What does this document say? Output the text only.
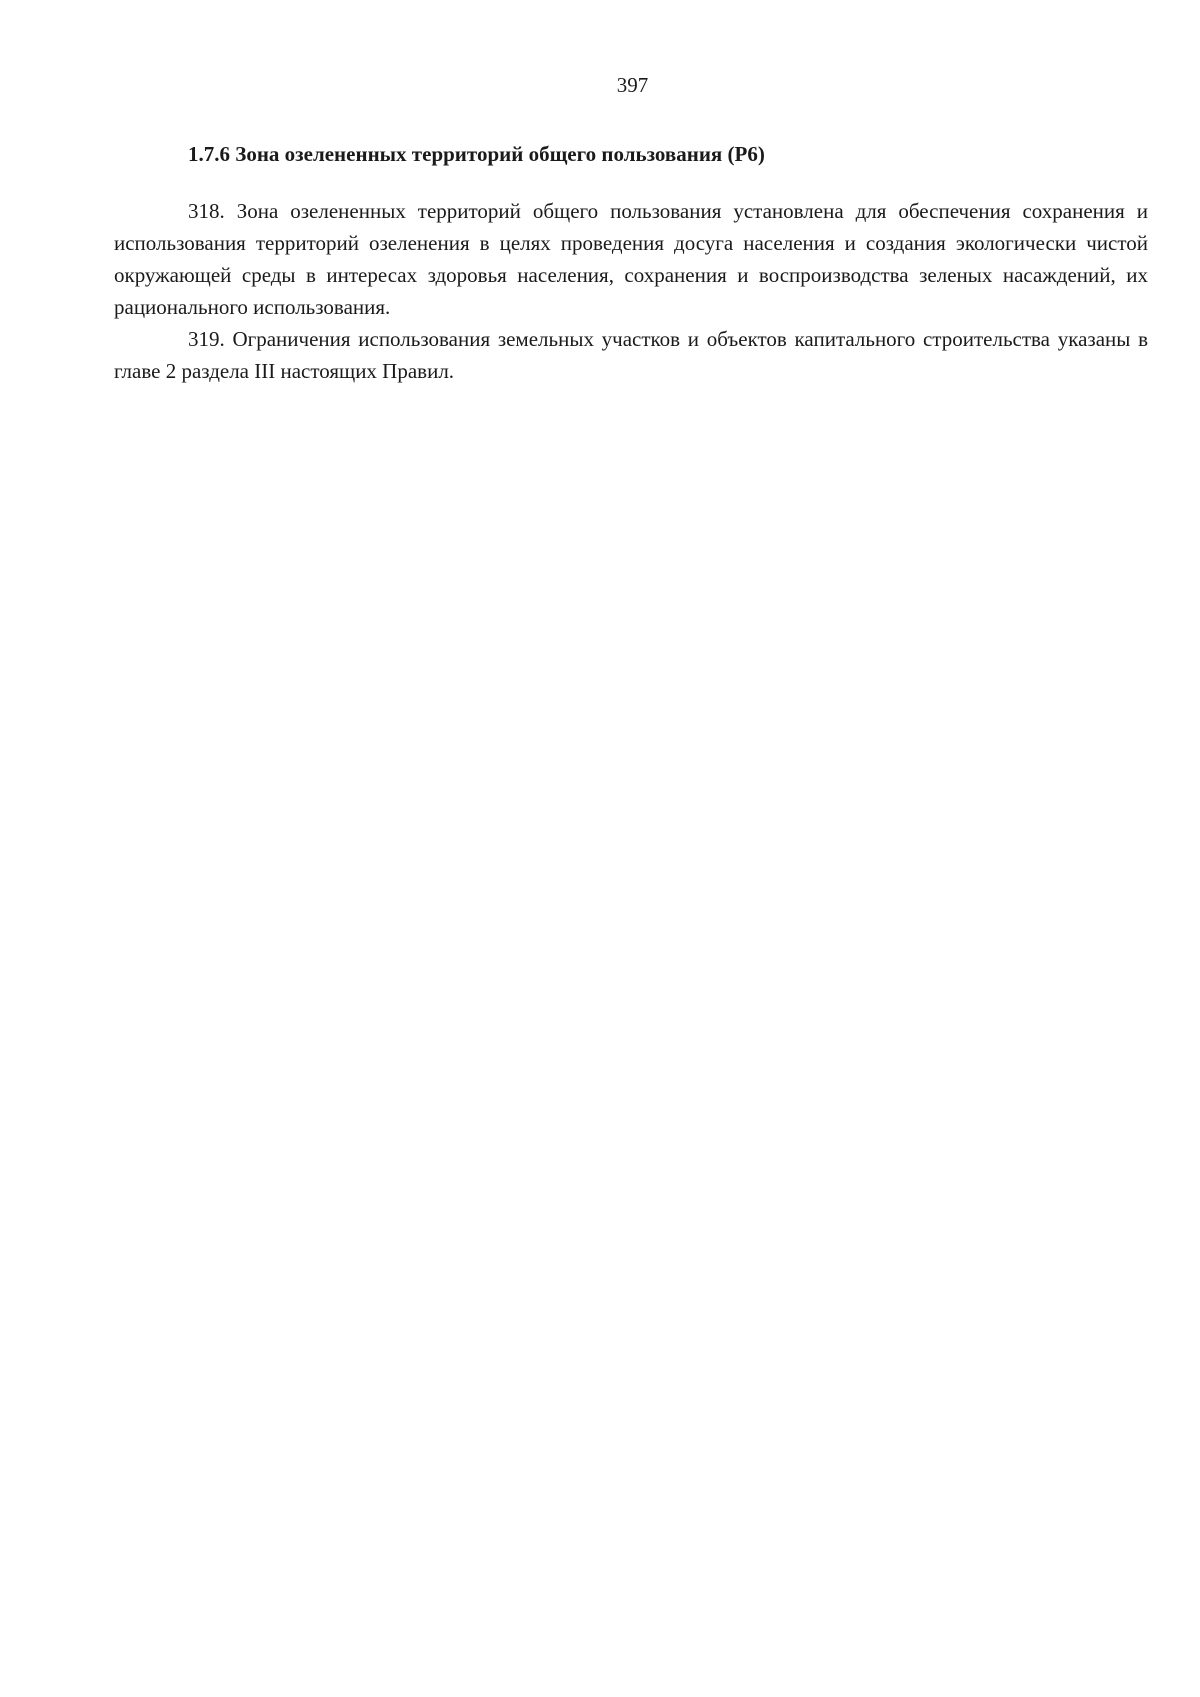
397
1.7.6 Зона озелененных территорий общего пользования (Р6)

318. Зона озелененных территорий общего пользования установлена для обеспечения сохранения и использования территорий озеленения в целях проведения досуга населения и создания экологически чистой окружающей среды в интересах здоровья населения, сохранения и воспроизводства зеленых насаждений, их рационального использования.

319. Ограничения использования земельных участков и объектов капитального строительства указаны в главе 2 раздела III настоящих Правил.
